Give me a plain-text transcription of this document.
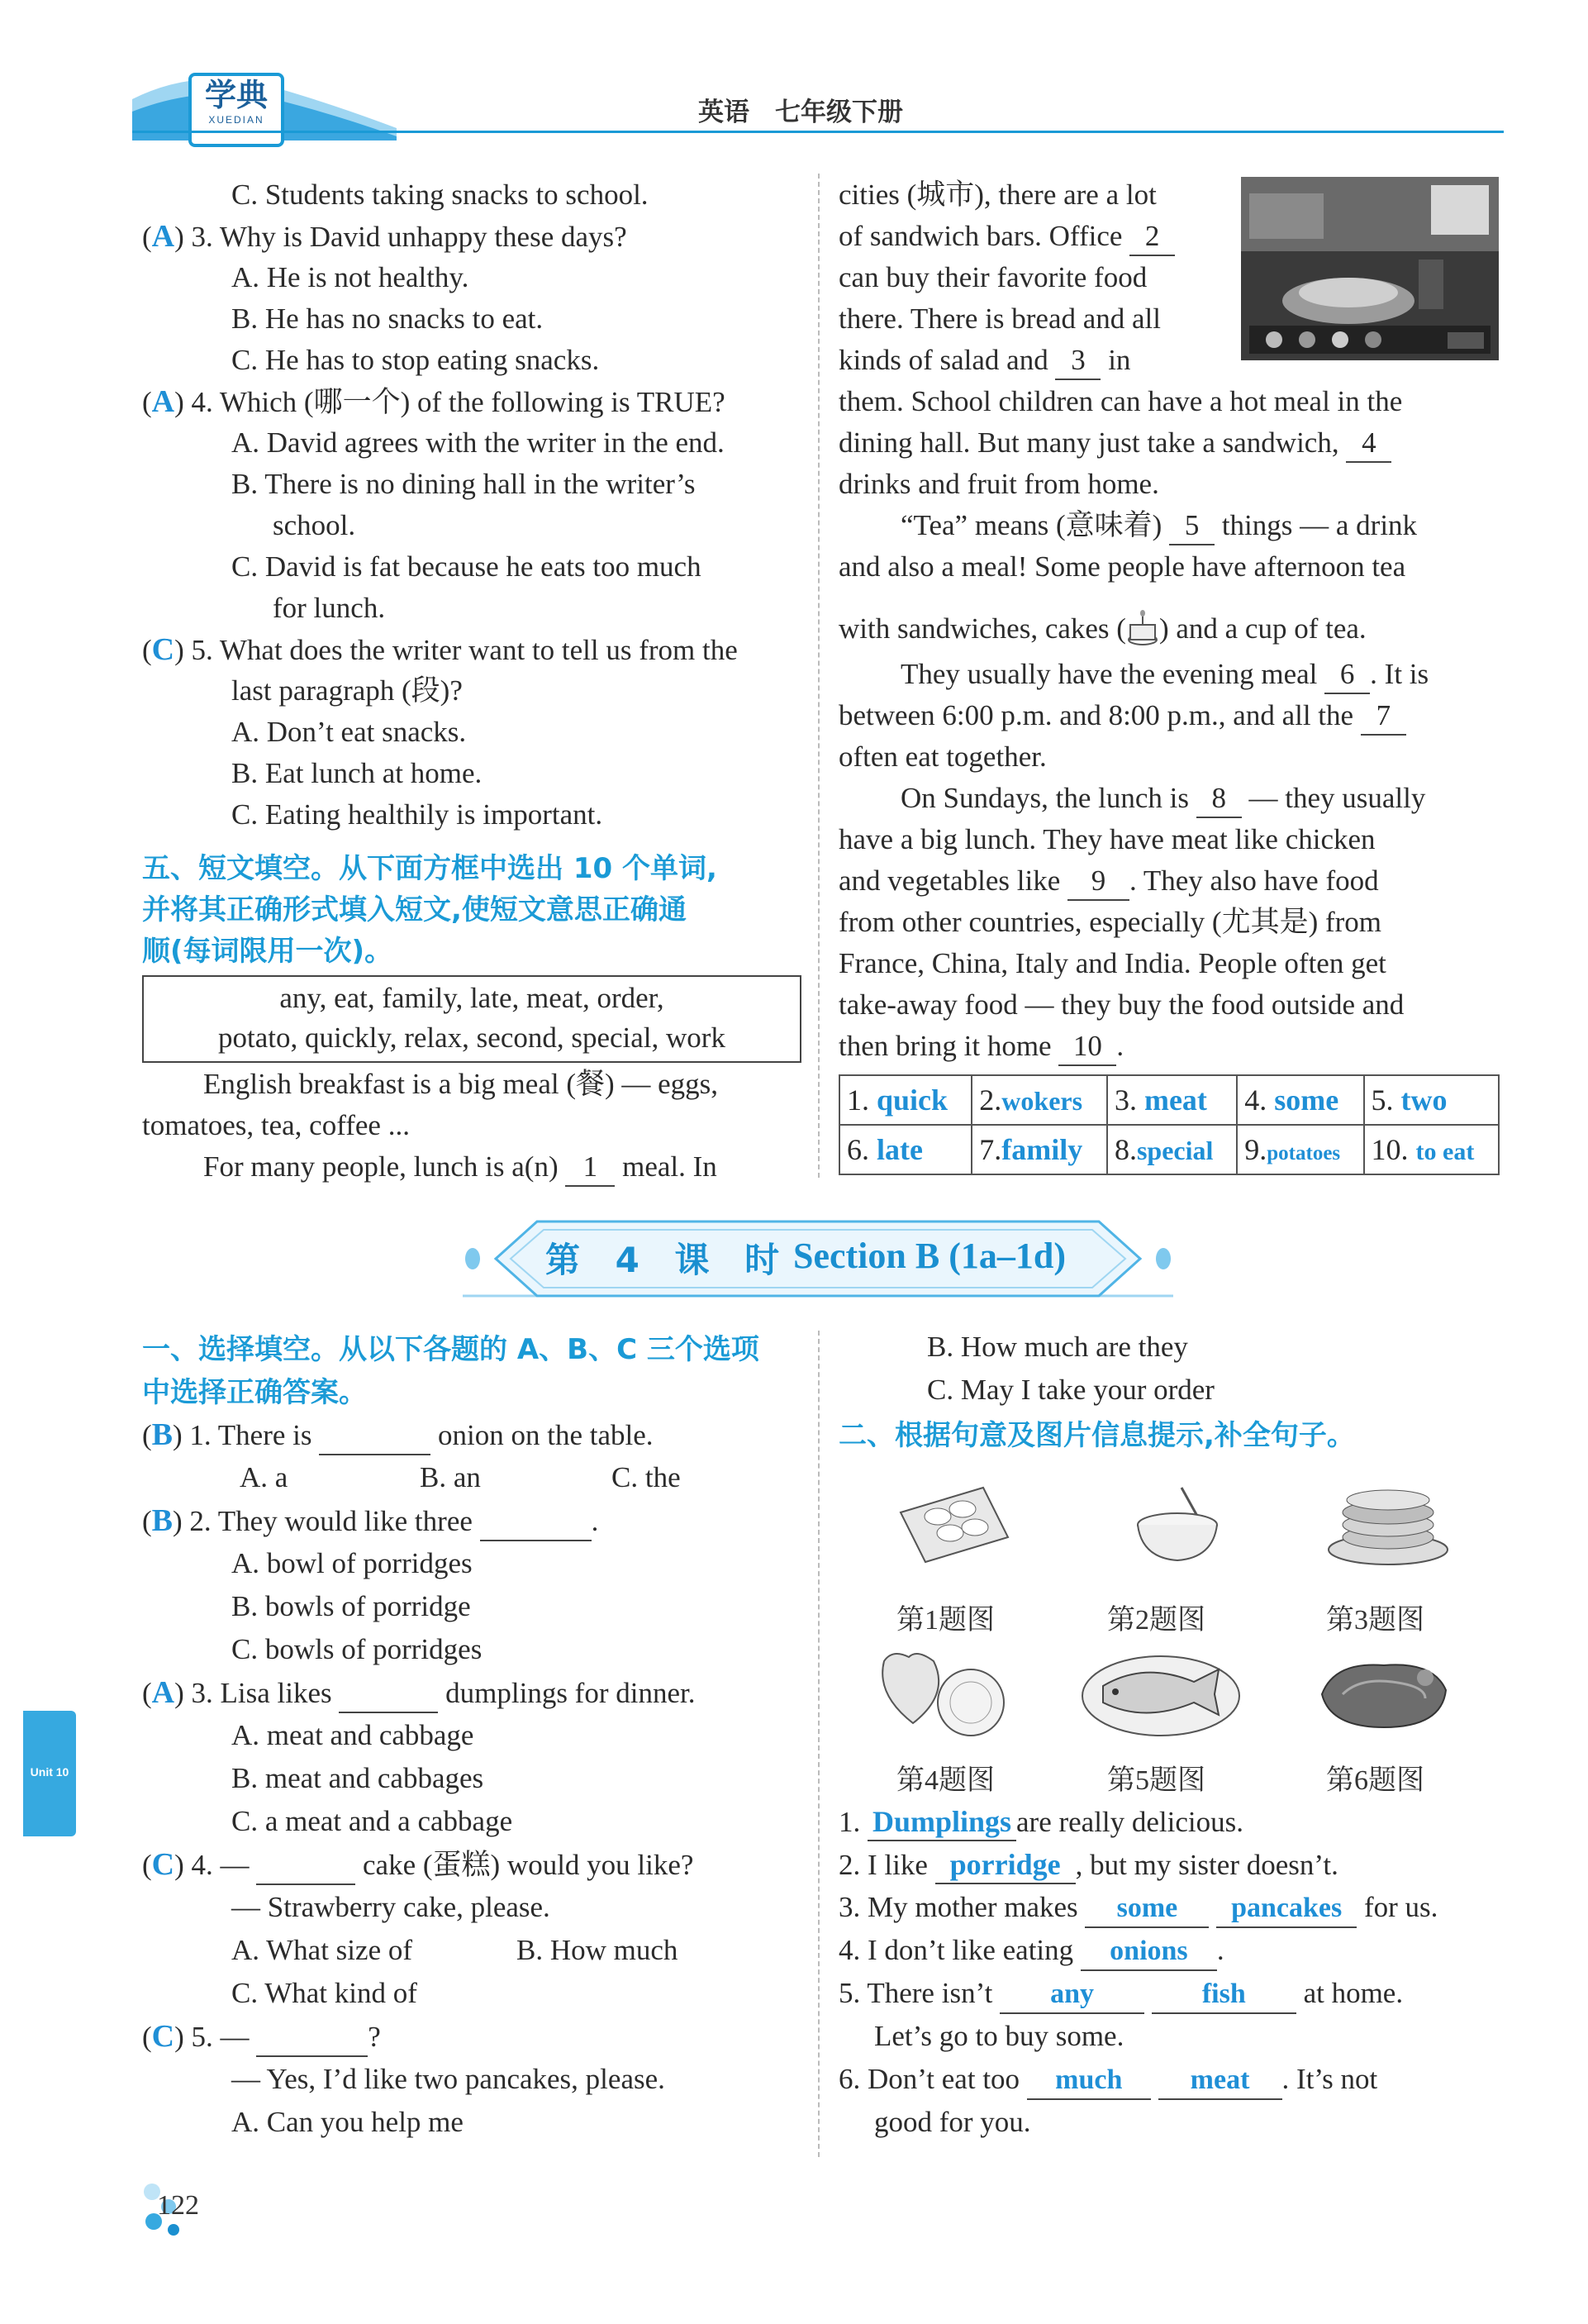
学典
XUEDIAN	英语　七年级下册
Unit 10
C. Students taking snacks to school.
(A) 3. Why is David unhappy these days?
A. He is not healthy.
B. He has no snacks to eat.
C. He has to stop eating snacks.
(A) 4. Which (哪一个) of the following is TRUE?
A. David agrees with the writer in the end.
B. There is no dining hall in the writer’s
school.
C. David is fat because he eats too much
for lunch.
(C) 5. What does the writer want to tell us from the
last paragraph (段)?
A. Don’t eat snacks.
B. Eat lunch at home.
C. Eating healthily is important.
五、短文填空。从下面方框中选出 10 个单词,
并将其正确形式填入短文,使短文意思正确通
顺(每词限用一次)。
any, eat, family, late, meat, order,
potato, quickly, relax, second, special, work
English breakfast is a big meal (餐) — eggs,
tomatoes, tea, coffee ...
For many people, lunch is a(n) 1 meal. In
cities (城市), there are a lot
of sandwich bars. Office 2
can buy their favorite food
there. There is bread and all
kinds of salad and 3 in
them. School children can have a hot meal in the
dining hall. But many just take a sandwich, 4
drinks and fruit from home.
“Tea” means (意味着) 5 things — a drink
and also a meal! Some people have afternoon tea
with sandwiches, cakes ( ) and a cup of tea.
They usually have the evening meal 6 . It is
between 6:00 p.m. and 8:00 p.m., and all the 7
often eat together.
On Sundays, the lunch is 8 — they usually
have a big lunch. They have meat like chicken
and vegetables like 9 . They also have food
from other countries, especially (尤其是) from
France, China, Italy and India. People often get
take-away food — they buy the food outside and
then bring it home 10 .
1. quick	2.wokers	3. meat	4. some	5. two
6. late	7.family	8.special	9.potatoes	10. to eat
第 4 课 时 Section B (1a–1d)
一、选择填空。从以下各题的 A、B、C 三个选项
中选择正确答案。
(B) 1. There is	onion on the table.
A. a	B. an	C. the
(B) 2. They would like three	.
A. bowl of porridges
B. bowls of porridge
C. bowls of porridges
(A) 3. Lisa likes	dumplings for dinner.
A. meat and cabbage
B. meat and cabbages
C. a meat and a cabbage
(C) 4. —	cake (蛋糕) would you like?
— Strawberry cake, please.
A. What size of	B. How much
C. What kind of
(C) 5. —	?
— Yes, I’d like two pancakes, please.
A. Can you help me
B. How much are they
C. May I take your order
二、根据句意及图片信息提示,补全句子。
第1题图	第2题图	第3题图
第4题图	第5题图	第6题图
1. Dumplings are really delicious.
2. I like porridge , but my sister doesn’t.
3. My mother makes some pancakes for us.
4. I don’t like eating onions .
5. There isn’t any	fish at home.
Let’s go to buy some.
6. Don’t eat too much meat . It’s not
good for you.
122
